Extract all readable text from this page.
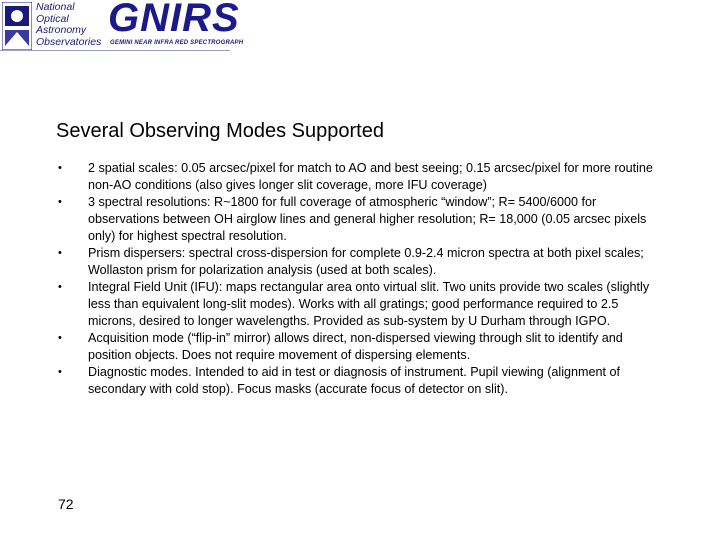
National
Optical
Astronomy
Observatories
GNIRS
GEMINI NEAR INFRA RED SPECTROGRAPH
Several Observing Modes Supported
• 2 spatial scales: 0.05 arcsec/pixel for match to AO and best seeing; 0.15 arcsec/pixel for more routine non-AO conditions (also gives longer slit coverage, more IFU coverage)
• 3 spectral resolutions: R~1800 for full coverage of atmospheric “window”; R= 5400/6000 for observations between OH airglow lines and general higher resolution; R= 18,000 (0.05 arcsec pixels only) for highest spectral resolution.
• Prism dispersers: spectral cross-dispersion for complete 0.9-2.4 micron spectra at both pixel scales; Wollaston prism for polarization analysis (used at both scales).
• Integral Field Unit (IFU): maps rectangular area onto virtual slit. Two units provide two scales (slightly less than equivalent long-slit modes). Works with all gratings; good performance required to 2.5 microns, desired to longer wavelengths. Provided as sub-system by U Durham through IGPO.
• Acquisition mode (“flip-in” mirror) allows direct, non-dispersed viewing through slit to identify and position objects. Does not require movement of dispersing elements.
• Diagnostic modes. Intended to aid in test or diagnosis of instrument. Pupil viewing (alignment of secondary with cold stop). Focus masks (accurate focus of detector on slit).
72
